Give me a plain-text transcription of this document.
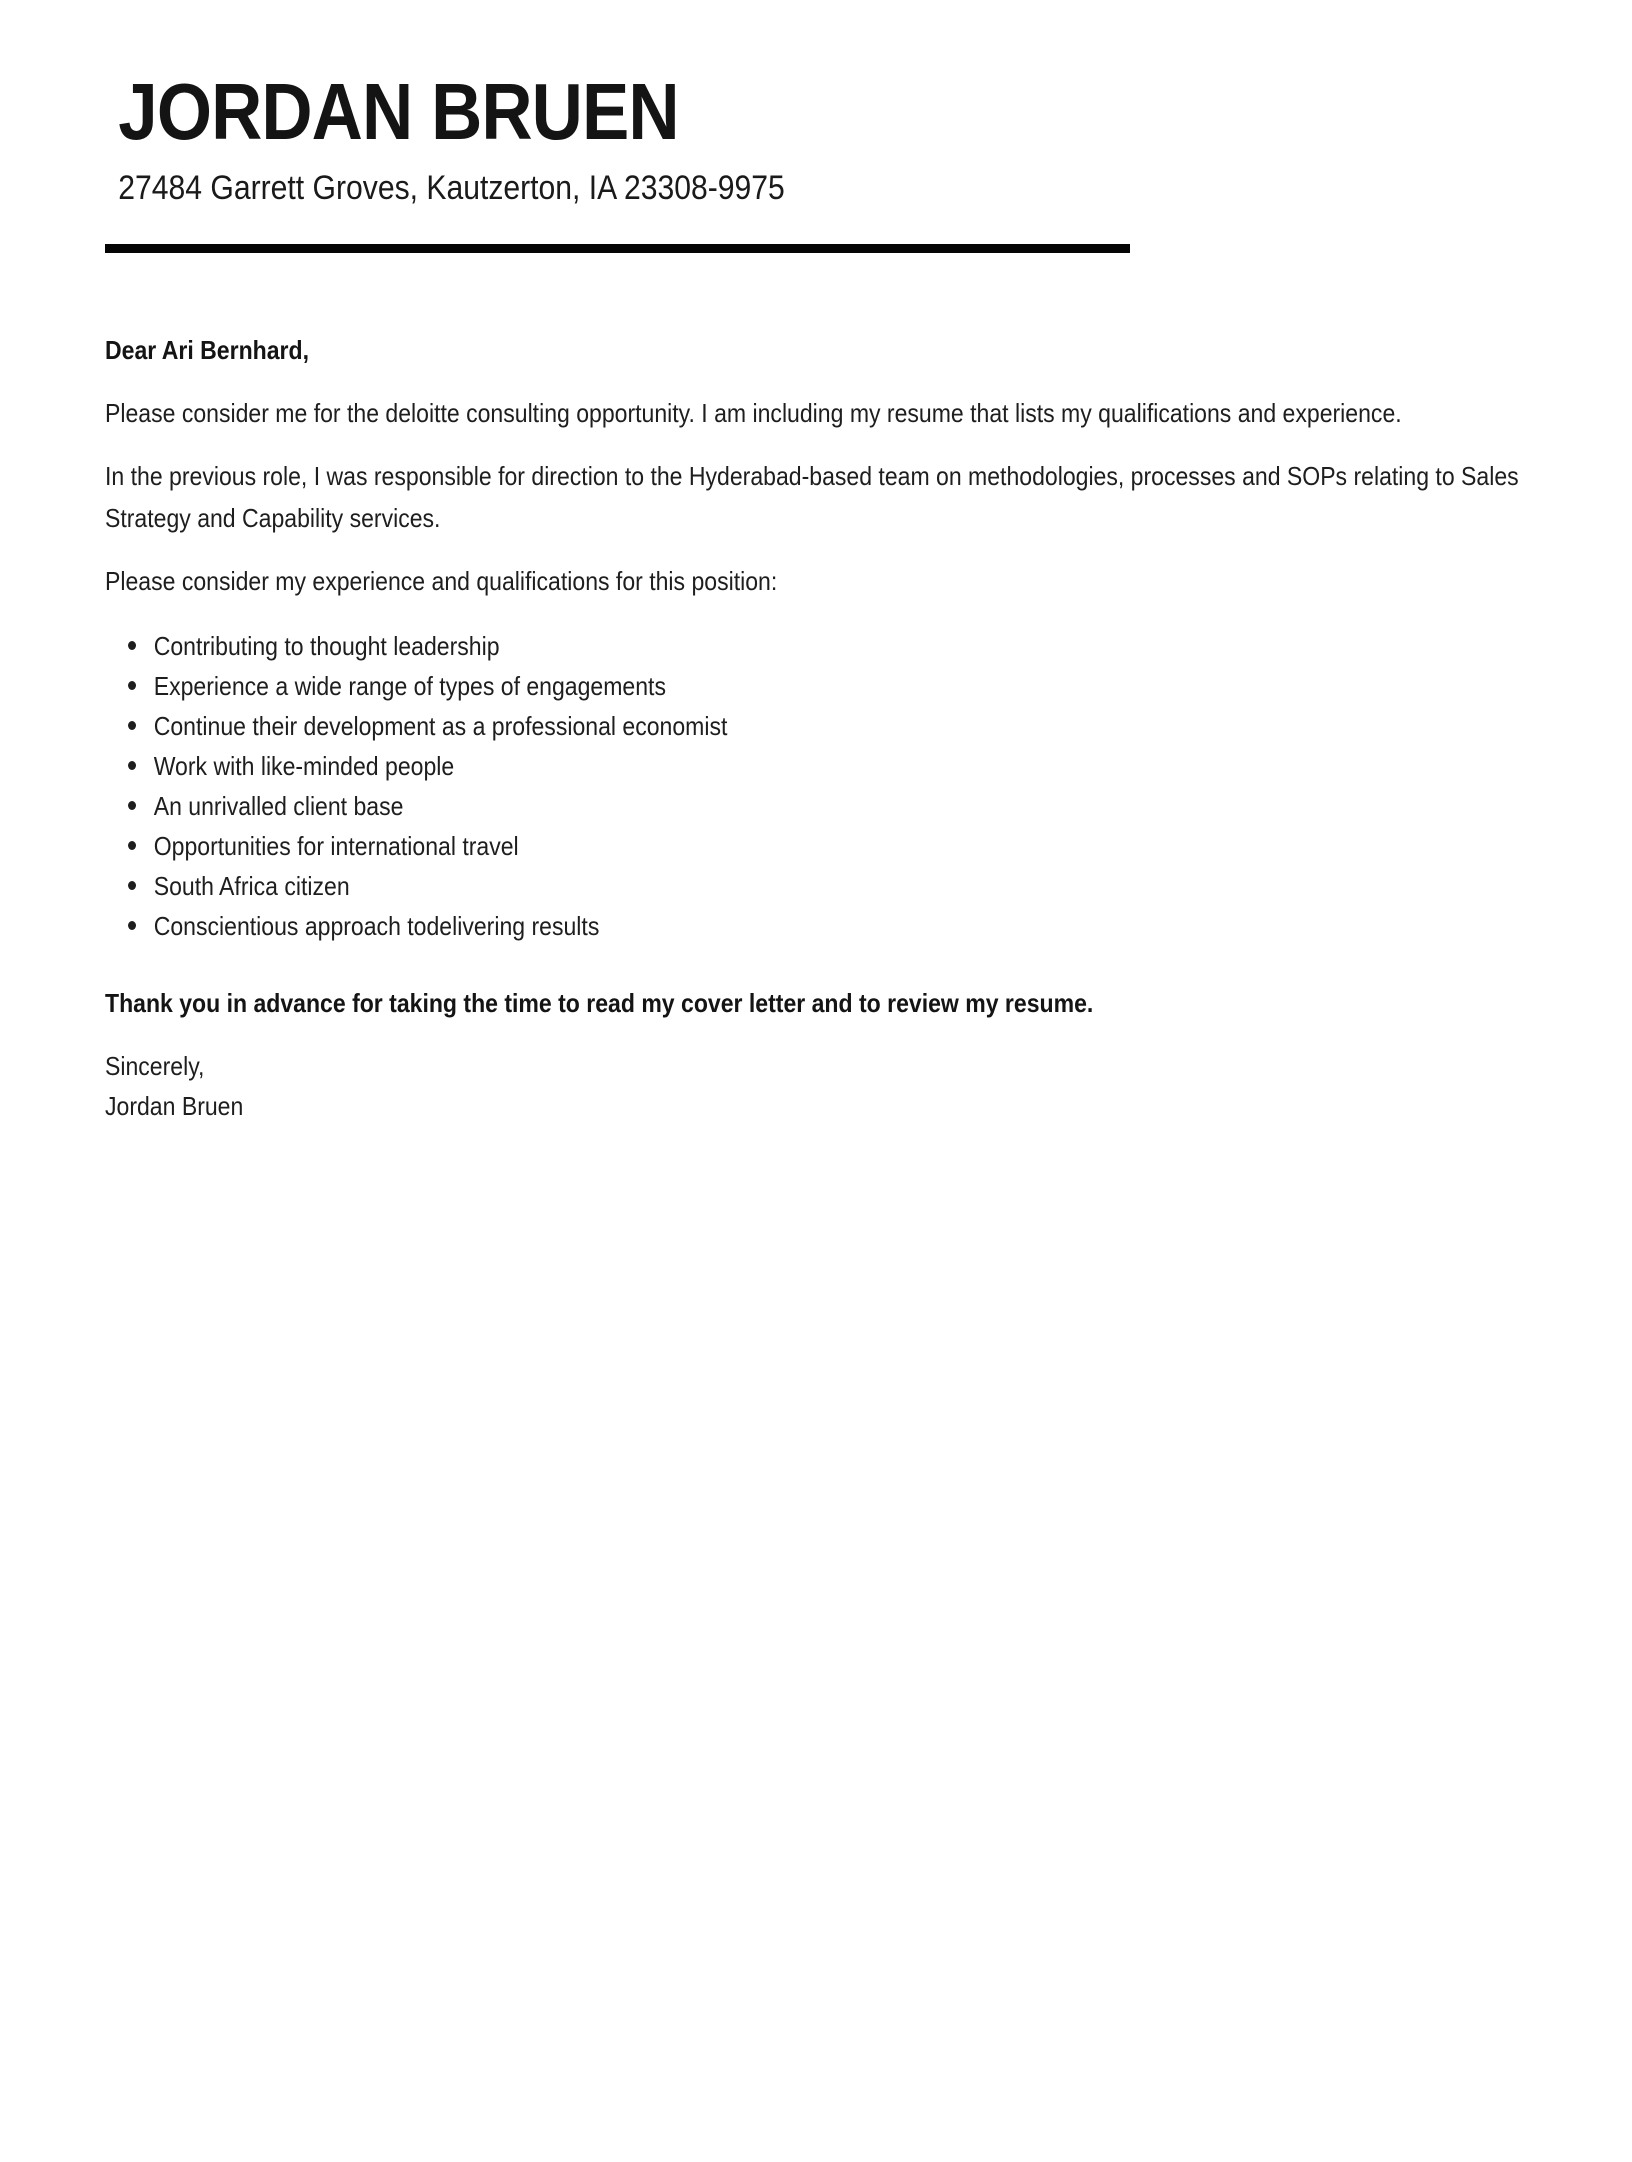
JORDAN BRUEN
27484 Garrett Groves, Kautzerton, IA 23308-9975

Dear Ari Bernhard,

Please consider me for the deloitte consulting opportunity. I am including my resume that lists my qualifications and experience.

In the previous role, I was responsible for direction to the Hyderabad-based team on methodologies, processes and SOPs relating to Sales Strategy and Capability services.

Please consider my experience and qualifications for this position:

Contributing to thought leadership
Experience a wide range of types of engagements
Continue their development as a professional economist
Work with like-minded people
An unrivalled client base
Opportunities for international travel
South Africa citizen
Conscientious approach todelivering results

Thank you in advance for taking the time to read my cover letter and to review my resume.

Sincerely,

Jordan Bruen
